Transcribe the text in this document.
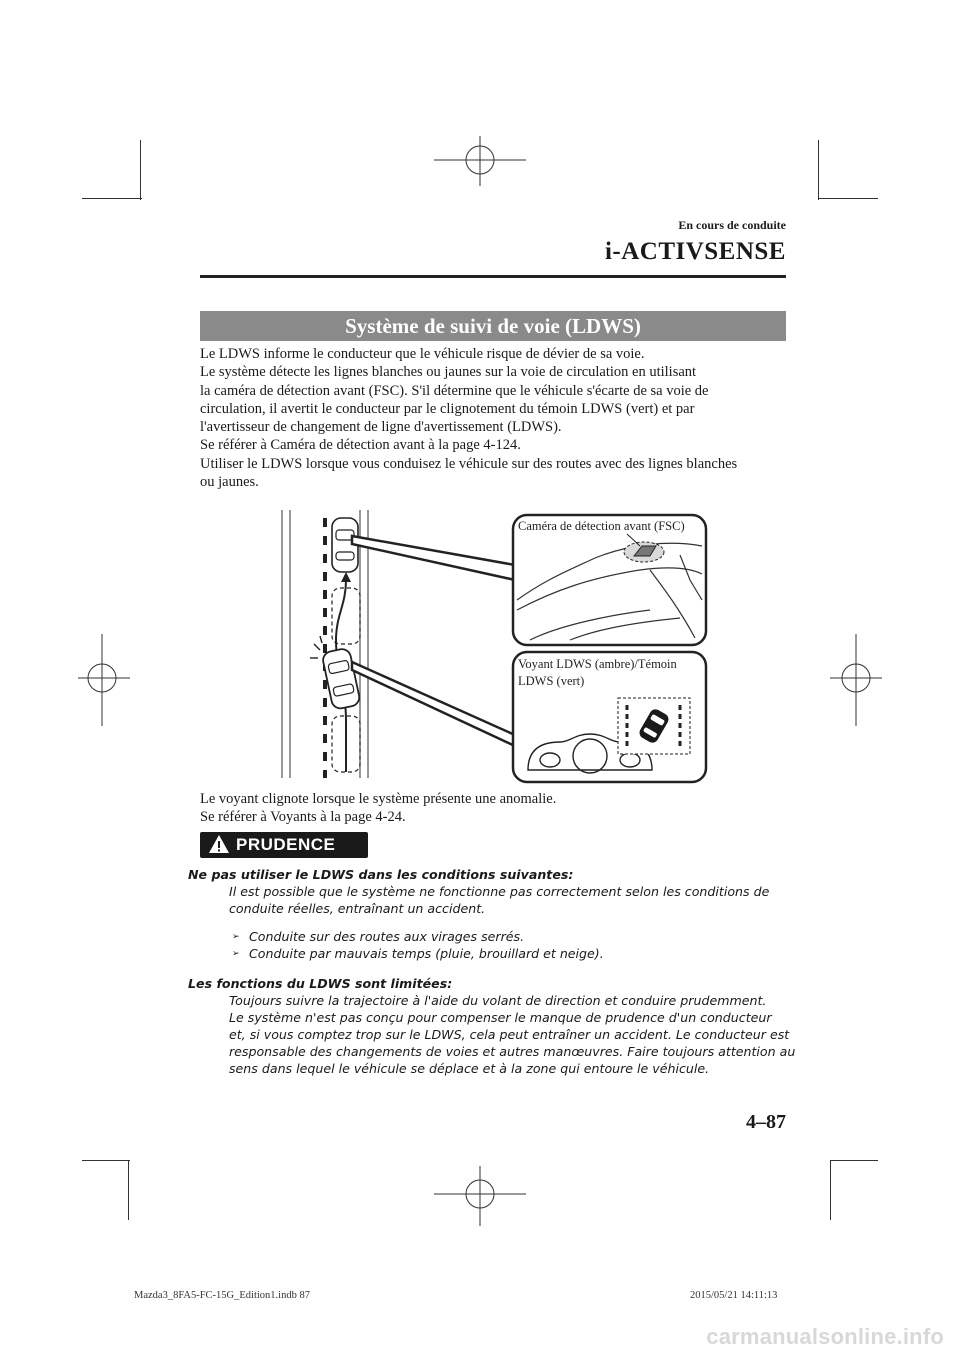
En cours de conduite
i-ACTIVSENSE
Système de suivi de voie (LDWS)
Le LDWS informe le conducteur que le véhicule risque de dévier de sa voie.
Le système détecte les lignes blanches ou jaunes sur la voie de circulation en utilisant
la caméra de détection avant (FSC). S'il détermine que le véhicule s'écarte de sa voie de
circulation, il avertit le conducteur par le clignotement du témoin LDWS (vert) et par
l'avertisseur de changement de ligne d'avertissement (LDWS).
Se référer à Caméra de détection avant à la page 4-124.
Utiliser le LDWS lorsque vous conduisez le véhicule sur des routes avec des lignes blanches
ou jaunes.
Caméra de détection avant (FSC)
Voyant LDWS (ambre)/Témoin
LDWS (vert)
Le voyant clignote lorsque le système présente une anomalie.
Se référer à Voyants à la page 4-24.
PRUDENCE
Ne pas utiliser le LDWS dans les conditions suivantes:
Il est possible que le système ne fonctionne pas correctement selon les conditions de
conduite réelles, entraînant un accident.
➢ Conduite sur des routes aux virages serrés.
➢ Conduite par mauvais temps (pluie, brouillard et neige).
Les fonctions du LDWS sont limitées:
Toujours suivre la trajectoire à l'aide du volant de direction et conduire prudemment.
Le système n'est pas conçu pour compenser le manque de prudence d'un conducteur
et, si vous comptez trop sur le LDWS, cela peut entraîner un accident. Le conducteur est
responsable des changements de voies et autres manœuvres. Faire toujours attention au
sens dans lequel le véhicule se déplace et à la zone qui entoure le véhicule.
4–87
Mazda3_8FA5-FC-15G_Edition1.indb 87	2015/05/21 14:11:13
carmanualsonline.info
